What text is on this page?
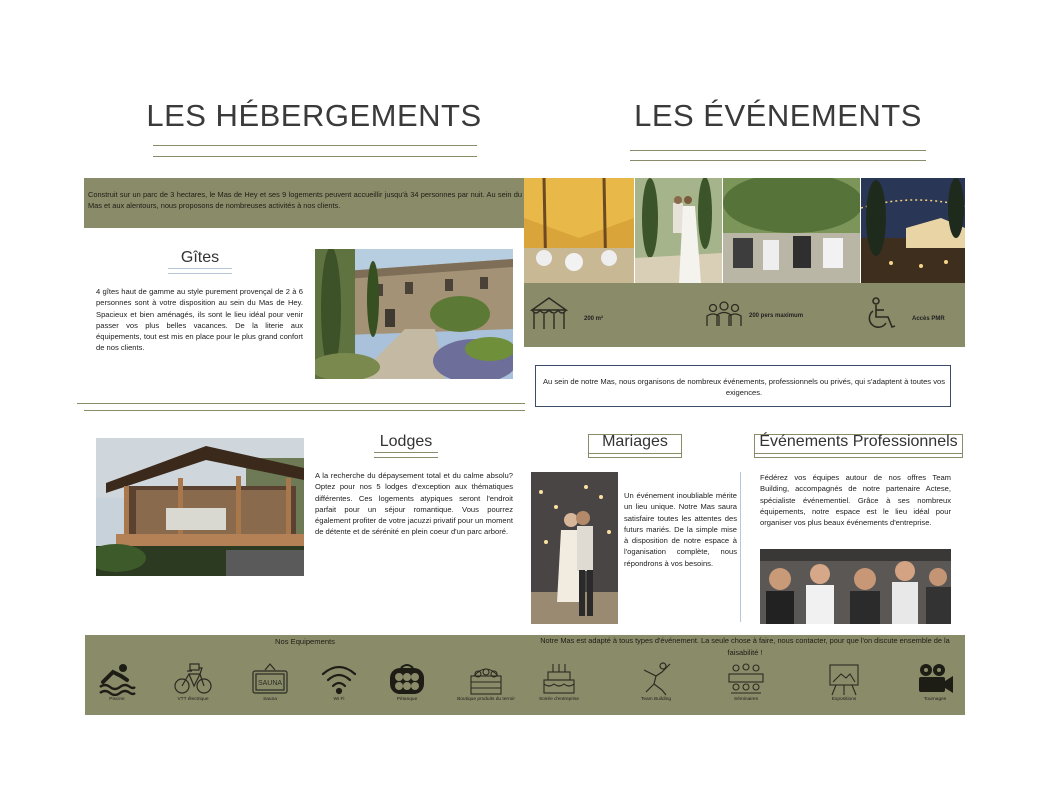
LES HÉBERGEMENTS
Construit sur un parc de 3 hectares, le Mas de Hey et ses 9 logements peuvent accueillir jusqu'à 34 personnes par nuit. Au sein du Mas et aux alentours, nous proposons de nombreuses activités à nos clients.
Gîtes
4 gîtes haut de gamme au style purement provençal de 2 à 6 personnes sont à votre disposition au sein du Mas de Hey. Spacieux et bien aménagés, ils sont le lieu idéal pour venir passer vos plus belles vacances. De la literie aux équipements, tout est mis en place pour le plus grand confort de nos clients.
Lodges
A la recherche du dépaysement total et du calme absolu? Optez pour nos 5 lodges d'exception aux thématiques différentes. Ces logements atypiques seront l'endroit parfait pour un séjour romantique. Vous pourrez également profiter de votre jacuzzi privatif pour un moment de détente et de sérénité en plein coeur d'un parc arboré.
LES ÉVÉNEMENTS
200 m²	200 pers maximum	Accès PMR
Au sein de notre Mas, nous organisons de nombreux événements, professionnels ou privés, qui s'adaptent à toutes vos exigences.
Mariages
Un événement inoubliable mérite un lieu unique. Notre Mas saura satisfaire toutes les attentes des futurs mariés. De la simple mise à disposition de notre espace à l'oganisation complète, nous répondrons à vos besoins.
Événements Professionnels
Fédérez vos équipes autour de nos offres Team Building, accompagnés de notre partenaire Actese, spécialiste événementiel. Grâce à ses nombreux équipements, notre espace est le lieu idéal pour organiser vos plus beaux événements d'entreprise.
Nos Equipements	Notre Mas est adapté à tous types d'événement. La seule chose à faire, nous contacter, pour que l'on discute ensemble de la faisabilité !
Piscine	VTT électrique
SAUNA
Sauna	Wi Fi	Pétanque	Boutique produits du terroir	Soirée d'entreprise	Team Building	Séminaires	Expositions	Tournages
